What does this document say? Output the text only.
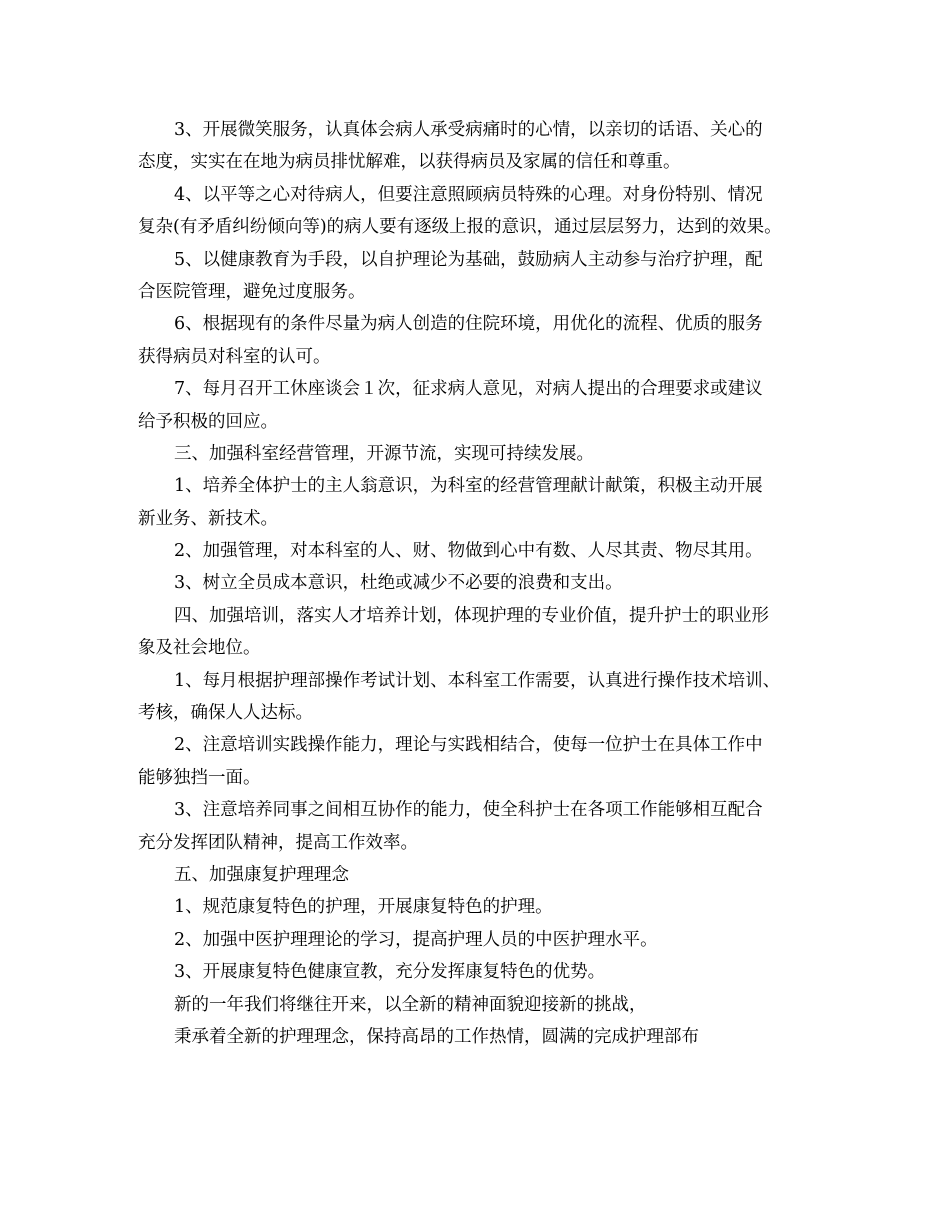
3、开展微笑服务，认真体会病人承受病痛时的心情，以亲切的话语、关心的
态度，实实在在地为病员排忧解难，以获得病员及家属的信任和尊重。
4、以平等之心对待病人，但要注意照顾病员特殊的心理。对身份特别、情况
复杂(有矛盾纠纷倾向等)的病人要有逐级上报的意识，通过层层努力，达到的效果。
5、以健康教育为手段，以自护理论为基础，鼓励病人主动参与治疗护理，配
合医院管理，避免过度服务。
6、根据现有的条件尽量为病人创造的住院环境，用优化的流程、优质的服务
获得病员对科室的认可。
7、每月召开工休座谈会１次，征求病人意见，对病人提出的合理要求或建议
给予积极的回应。
三、加强科室经营管理，开源节流，实现可持续发展。
1、培养全体护士的主人翁意识，为科室的经营管理献计献策，积极主动开展
新业务、新技术。
2、加强管理，对本科室的人、财、物做到心中有数、人尽其责、物尽其用。
3、树立全员成本意识，杜绝或减少不必要的浪费和支出。
四、加强培训，落实人才培养计划，体现护理的专业价值，提升护士的职业形
象及社会地位。
1、每月根据护理部操作考试计划、本科室工作需要，认真进行操作技术培训、
考核，确保人人达标。
2、注意培训实践操作能力，理论与实践相结合，使每一位护士在具体工作中
能够独挡一面。
3、注意培养同事之间相互协作的能力，使全科护士在各项工作能够相互配合
充分发挥团队精神，提高工作效率。
五、加强康复护理理念
1、规范康复特色的护理，开展康复特色的护理。
2、加强中医护理理论的学习，提高护理人员的中医护理水平。
3、开展康复特色健康宣教，充分发挥康复特色的优势。
新的一年我们将继往开来，以全新的精神面貌迎接新的挑战，
秉承着全新的护理理念，保持高昂的工作热情，圆满的完成护理部布
